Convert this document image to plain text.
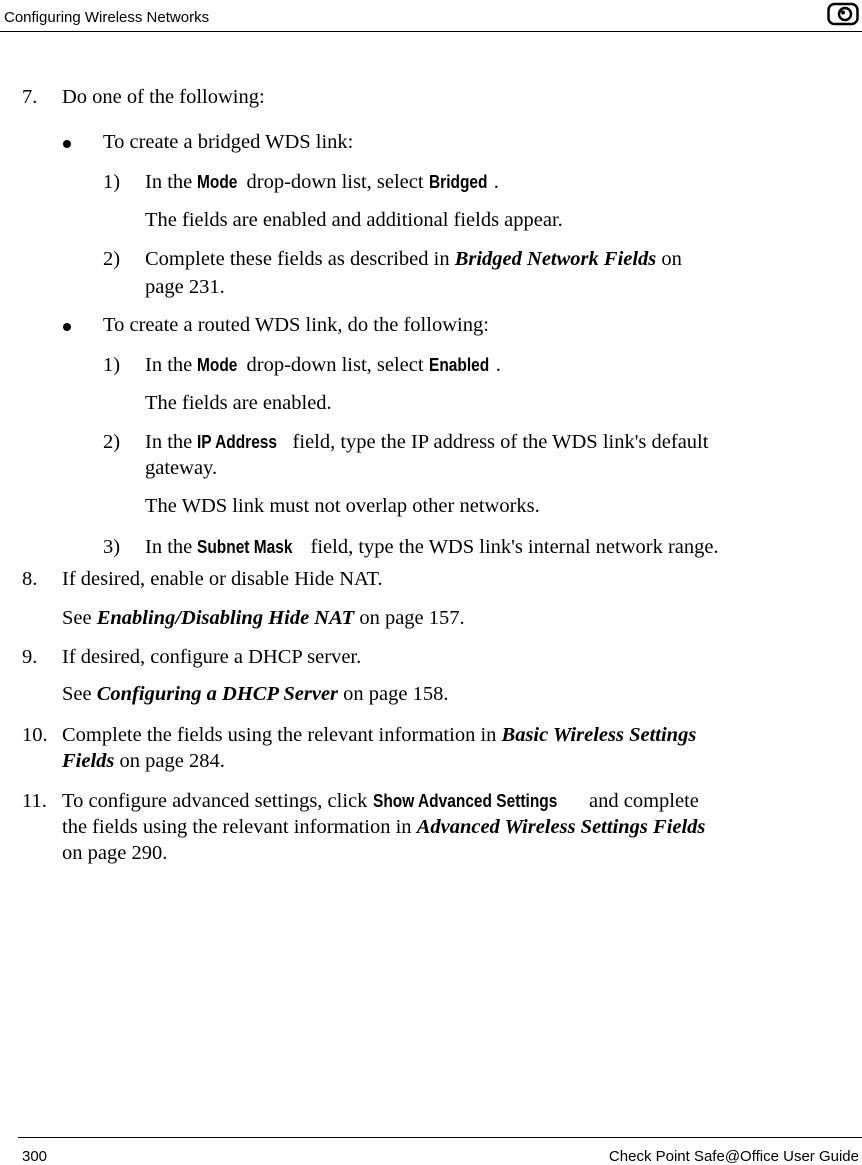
Configuring Wireless Networks
7. Do one of the following:
To create a bridged WDS link:
1) In the Mode drop-down list, select Bridged .
The fields are enabled and additional fields appear.
2) Complete these fields as described in Bridged Network Fields on
page 231.
To create a routed WDS link, do the following:
1) In the Mode drop-down list, select Enabled .
The fields are enabled.
2) In the IP Address field, type the IP address of the WDS link's default
gateway.
The WDS link must not overlap other networks.
3) In the Subnet Mask field, type the WDS link's internal network range.
8. If desired, enable or disable Hide NAT.
See Enabling/Disabling Hide NAT on page 157.
9. If desired, configure a DHCP server.
See Configuring a DHCP Server on page 158.
10. Complete the fields using the relevant information in Basic Wireless Settings
Fields on page 284.
11. To configure advanced settings, click Show Advanced Settings and complete
the fields using the relevant information in Advanced Wireless Settings Fields
on page 290.
300	Check Point Safe@Office User Guide
